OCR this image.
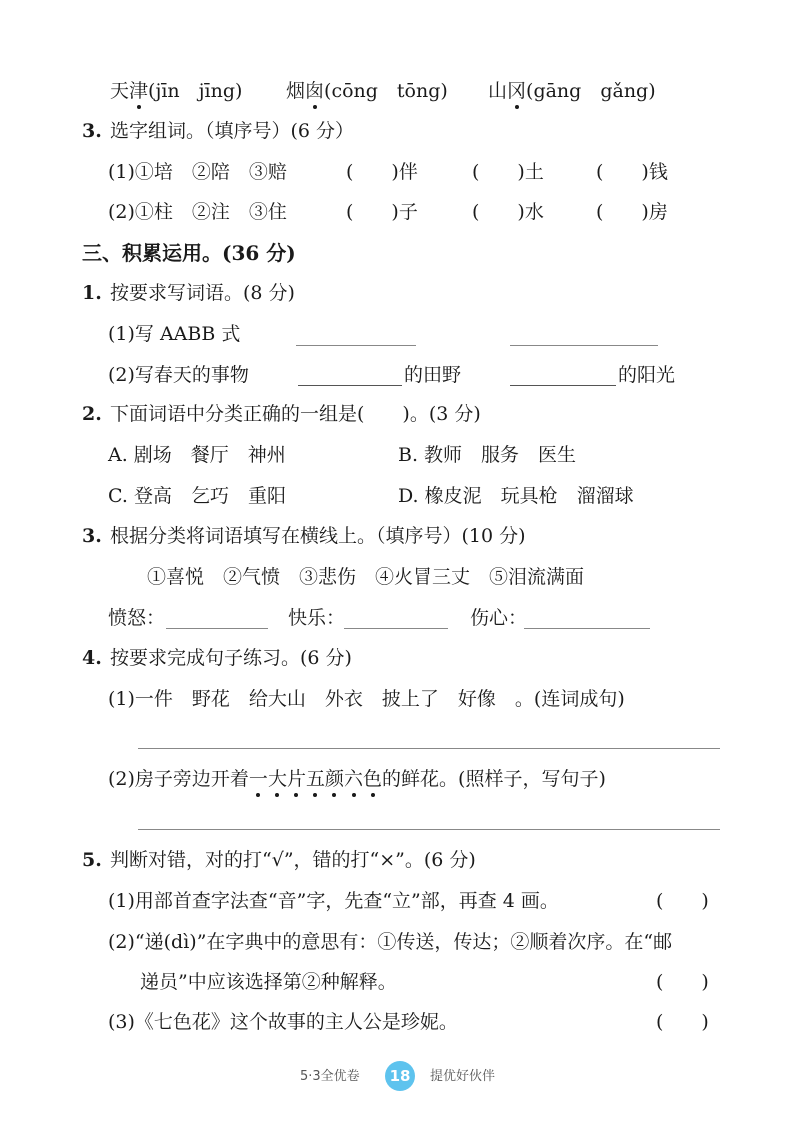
天津(jīn　jīng) 烟囱(cōng　tōng) 山冈(gāng　gǎng)
3. 选字组词。（填序号）(6 分）
(1)①培　②陪　③赔	(　　)伴	(　　)土	(　　)钱
(2)①柱　②注　③住	(　　)子	(　　)水	(　　)房
三、积累运用。(36 分)
1. 按要求写词语。(8 分)
(1)写 AABB 式
(2)写春天的事物	的田野	的阳光
2. 下面词语中分类正确的一组是(　　)。(3 分)
A. 剧场　餐厅　神州	B. 教师　服务　医生
C. 登高　乞巧　重阳	D. 橡皮泥　玩具枪　溜溜球
3. 根据分类将词语填写在横线上。（填序号）(10 分)
①喜悦　②气愤　③悲伤　④火冒三丈　⑤泪流满面
愤怒：	快乐：	伤心：
4. 按要求完成句子练习。(6 分)
(1)一件　野花　给大山　外衣　披上了　好像　。(连词成句)
(2)房子旁边开着一大片五颜六色的鲜花。(照样子，写句子)
5. 判断对错，对的打“√”，错的打“×”。(6 分)
(1)用部首查字法查“音”字，先查“立”部，再查 4 画。	(　　)
(2)“递(dì)”在字典中的意思有：①传送，传达；②顺着次序。在“邮
递员”中应该选择第②种解释。	(　　)
(3)《七色花》这个故事的主人公是珍妮。	(　　)
5·3全优卷	18	提优好伙伴
